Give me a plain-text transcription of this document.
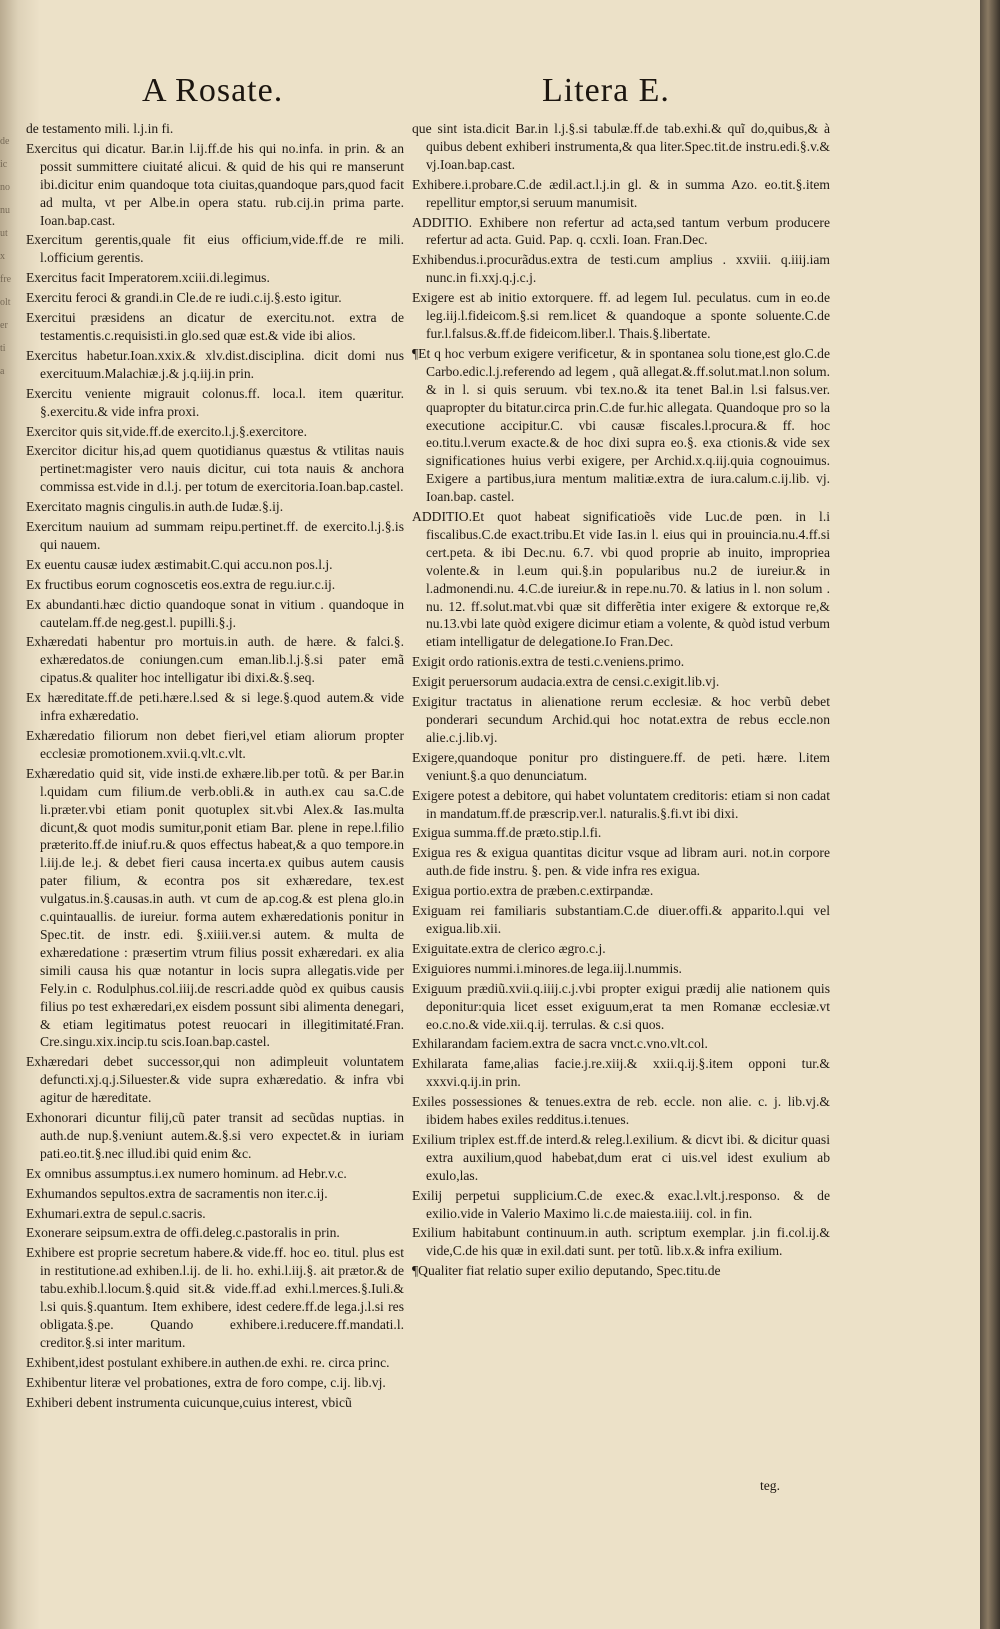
de
ic
no
nu
ut
x
fre
olt
er
ti
a
A Rosate.	Litera E.
de testamento mili. l.j.in fi.
Exercitus qui dicatur. Bar.in l.ij.ff.de his qui no.infa. in prin. & an possit summittere ciuitaté alicui. & quid de his qui re manserunt ibi.dicitur enim quandoque tota ciuitas,quandoque pars,quod facit ad multa, vt per Albe.in opera statu. rub.cij.in prima parte. Ioan.bap.cast.
Exercitum gerentis,quale fit eius officium,vide.ff.de re mili. l.officium gerentis.
Exercitus facit Imperatorem.xciii.di.legimus.
Exercitu feroci & grandi.in Cle.de re iudi.c.ij.§.esto igitur.
Exercitui præsidens an dicatur de exercitu.not. extra de testamentis.c.requisisti.in glo.sed quæ est.& vide ibi alios.
Exercitus habetur.Ioan.xxix.& xlv.dist.disciplina. dicit domi nus exercituum.Malachiæ.j.& j.q.iij.in prin.
Exercitu veniente migrauit colonus.ff. loca.l. item quæritur. §.exercitu.& vide infra proxi.
Exercitor quis sit,vide.ff.de exercito.l.j.§.exercitore.
Exercitor dicitur his,ad quem quotidianus quæstus & vtilitas nauis pertinet:magister vero nauis dicitur, cui tota nauis & anchora commissa est.vide in d.l.j. per totum de exercitoria.Ioan.bap.castel.
Exercitato magnis cingulis.in auth.de Iudæ.§.ij.
Exercitum nauium ad summam reipu.pertinet.ff. de exercito.l.j.§.is qui nauem.
Ex euentu causæ iudex æstimabit.C.qui accu.non pos.l.j.
Ex fructibus eorum cognoscetis eos.extra de regu.iur.c.ij.
Ex abundanti.hæc dictio quandoque sonat in vitium . quandoque in cautelam.ff.de neg.gest.l. pupilli.§.j.
Exhæredati habentur pro mortuis.in auth. de hære. & falci.§. exhæredatos.de coniungen.cum eman.lib.l.j.§.si pater emã cipatus.& qualiter hoc intelligatur ibi dixi.&.§.seq.
Ex hæreditate.ff.de peti.hære.l.sed & si lege.§.quod autem.& vide infra exhæredatio.
Exhæredatio filiorum non debet fieri,vel etiam aliorum propter ecclesiæ promotionem.xvii.q.vlt.c.vlt.
Exhæredatio quid sit, vide insti.de exhære.lib.per totũ. & per Bar.in l.quidam cum filium.de verb.obli.& in auth.ex cau sa.C.de li.præter.vbi etiam ponit quotuplex sit.vbi Alex.& Ias.multa dicunt,& quot modis sumitur,ponit etiam Bar. plene in repe.l.filio præterito.ff.de iniuf.ru.& quos effectus habeat,& a quo tempore.in l.iij.de le.j. & debet fieri causa incerta.ex quibus autem causis pater filium, & econtra pos sit exhæredare, tex.est vulgatus.in.§.causas.in auth. vt cum de ap.cog.& est plena glo.in c.quintauallis. de iureiur. forma autem exhæredationis ponitur in Spec.tit. de instr. edi. §.xiiii.ver.si autem. & multa de exhæredatione : præsertim vtrum filius possit exhæredari. ex alia simili causa his quæ notantur in locis supra allegatis.vide per Fely.in c. Rodulphus.col.iiij.de rescri.adde quòd ex quibus causis filius po test exhæredari,ex eisdem possunt sibi alimenta denegari, & etiam legitimatus potest reuocari in illegitimitaté.Fran. Cre.singu.xix.incip.tu scis.Ioan.bap.castel.
Exhæredari debet successor,qui non adimpleuit voluntatem defuncti.xj.q.j.Siluester.& vide supra exhæredatio. & infra vbi agitur de hæreditate.
Exhonorari dicuntur filij,cũ pater transit ad secũdas nuptias. in auth.de nup.§.veniunt autem.&.§.si vero expectet.& in iuriam pati.eo.tit.§.nec illud.ibi quid enim &c.
Ex omnibus assumptus.i.ex numero hominum. ad Hebr.v.c.
Exhumandos sepultos.extra de sacramentis non iter.c.ij.
Exhumari.extra de sepul.c.sacris.
Exonerare seipsum.extra de offi.deleg.c.pastoralis in prin.
Exhibere est proprie secretum habere.& vide.ff. hoc eo. titul. plus est in restitutione.ad exhiben.l.ij. de li. ho. exhi.l.iij.§. ait prætor.& de tabu.exhib.l.locum.§.quid sit.& vide.ff.ad exhi.l.merces.§.Iuli.& l.si quis.§.quantum. Item exhibere, idest cedere.ff.de lega.j.l.si res obligata.§.pe. Quando exhibere.i.reducere.ff.mandati.l. creditor.§.si inter maritum.
Exhibent,idest postulant exhibere.in authen.de exhi. re. circa princ.
Exhibentur literæ vel probationes, extra de foro compe, c.ij. lib.vj.
Exhiberi debent instrumenta cuicunque,cuius interest, vbicũ
que sint ista.dicit Bar.in l.j.§.si tabulæ.ff.de tab.exhi.& quĩ do,quibus,& à quibus debent exhiberi instrumenta,& qua liter.Spec.tit.de instru.edi.§.v.& vj.Ioan.bap.cast.
Exhibere.i.probare.C.de ædil.act.l.j.in gl. & in summa Azo. eo.tit.§.item repellitur emptor,si seruum manumisit.
ADDITIO. Exhibere non refertur ad acta,sed tantum verbum producere refertur ad acta. Guid. Pap. q. ccxli. Ioan. Fran.Dec.
Exhibendus.i.procurãdus.extra de testi.cum amplius . xxviii. q.iiij.iam nunc.in fi.xxj.q.j.c.j.
Exigere est ab initio extorquere. ff. ad legem Iul. peculatus. cum in eo.de leg.iij.l.fideicom.§.si rem.licet & quandoque a sponte soluente.C.de fur.l.falsus.&.ff.de fideicom.liber.l. Thais.§.libertate.
¶Et q hoc verbum exigere verificetur, & in spontanea solu tione,est glo.C.de Carbo.edic.l.j.referendo ad legem , quã allegat.&.ff.solut.mat.l.non solum. & in l. si quis seruum. vbi tex.no.& ita tenet Bal.in l.si falsus.ver. quapropter du bitatur.circa prin.C.de fur.hic allegata. Quandoque pro so la executione accipitur.C. vbi causæ fiscales.l.procura.& ff. hoc eo.titu.l.verum exacte.& de hoc dixi supra eo.§. exa ctionis.& vide sex significationes huius verbi exigere, per Archid.x.q.iij.quia cognouimus. Exigere a partibus,iura mentum malitiæ.extra de iura.calum.c.ij.lib. vj. Ioan.bap. castel.
ADDITIO.Et quot habeat significatioẽs vide Luc.de pœn. in l.i fiscalibus.C.de exact.tribu.Et vide Ias.in l. eius qui in prouincia.nu.4.ff.si cert.peta. & ibi Dec.nu. 6.7. vbi quod proprie ab inuito, impropriea volente.& in l.eum qui.§.in popularibus nu.2 de iureiur.& in l.admonendi.nu. 4.C.de iureiur.& in repe.nu.70. & latius in l. non solum . nu. 12. ff.solut.mat.vbi quæ sit differẽtia inter exigere & extorque re,& nu.13.vbi late quòd exigere dicimur etiam a volente, & quòd istud verbum etiam intelligatur de delegatione.Io Fran.Dec.
Exigit ordo rationis.extra de testi.c.veniens.primo.
Exigit peruersorum audacia.extra de censi.c.exigit.lib.vj.
Exigitur tractatus in alienatione rerum ecclesiæ. & hoc verbũ debet ponderari secundum Archid.qui hoc notat.extra de rebus eccle.non alie.c.j.lib.vj.
Exigere,quandoque ponitur pro distinguere.ff. de peti. hære. l.item veniunt.§.a quo denunciatum.
Exigere potest a debitore, qui habet voluntatem creditoris: etiam si non cadat in mandatum.ff.de præscrip.ver.l. naturalis.§.fi.vt ibi dixi.
Exigua summa.ff.de præto.stip.l.fi.
Exigua res & exigua quantitas dicitur vsque ad libram auri. not.in corpore auth.de fide instru. §. pen. & vide infra res exigua.
Exigua portio.extra de præben.c.extirpandæ.
Exiguam rei familiaris substantiam.C.de diuer.offi.& apparito.l.qui vel exigua.lib.xii.
Exiguitate.extra de clerico ægro.c.j.
Exiguiores nummi.i.minores.de lega.iij.l.nummis.
Exiguum prædiũ.xvii.q.iiij.c.j.vbi propter exigui prædij alie nationem quis deponitur:quia licet esset exiguum,erat ta men Romanæ ecclesiæ.vt eo.c.no.& vide.xii.q.ij. terrulas. & c.si quos.
Exhilarandam faciem.extra de sacra vnct.c.vno.vlt.col.
Exhilarata fame,alias facie.j.re.xiij.& xxii.q.ij.§.item opponi tur.& xxxvi.q.ij.in prin.
Exiles possessiones & tenues.extra de reb. eccle. non alie. c. j. lib.vj.& ibidem habes exiles redditus.i.tenues.
Exilium triplex est.ff.de interd.& releg.l.exilium. & dicvt ibi. & dicitur quasi extra auxilium,quod habebat,dum erat ci uis.vel idest exulium ab exulo,las.
Exilij perpetui supplicium.C.de exec.& exac.l.vlt.j.responso. & de exilio.vide in Valerio Maximo li.c.de maiesta.iiij. col. in fin.
Exilium habitabunt continuum.in auth. scriptum exemplar. j.in fi.col.ij.& vide,C.de his quæ in exil.dati sunt. per totũ. lib.x.& infra exilium.
¶Qualiter fiat relatio super exilio deputando, Spec.titu.de
teg.
